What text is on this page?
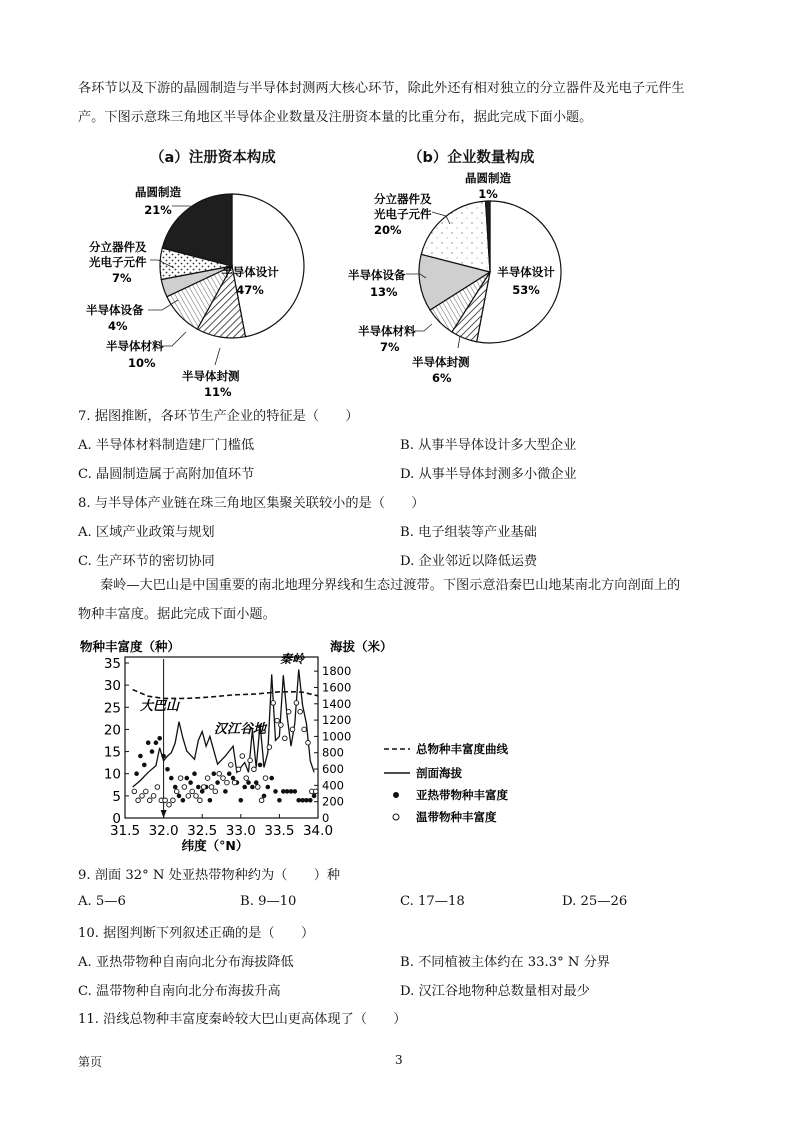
各环节以及下游的晶圆制造与半导体封测两大核心环节，除此外还有相对独立的分立器件及光电子元件生
产。下图示意珠三角地区半导体企业数量及注册资本量的比重分布，据此完成下面小题。
（a）注册资本构成	（b）企业数量构成
半导体设计
47%
晶圆制造
21%
分立器件及
光电子元件
7%
半导体设备
4%
半导体材料
10%
半导体封测
11%
半导体设计
53%
晶圆制造
1%
分立器件及
光电子元件
20%
半导体设备
13%
半导体材料
7%
半导体封测
6%
7. 据图推断，各环节生产企业的特征是（　　）
A. 半导体材料制造建厂门槛低	B. 从事半导体设计多大型企业
C. 晶圆制造属于高附加值环节	D. 从事半导体封测多小微企业
8. 与半导体产业链在珠三角地区集聚关联较小的是（　　）
A. 区域产业政策与规划	B. 电子组装等产业基础
C. 生产环节的密切协同	D. 企业邻近以降低运费
秦岭—大巴山是中国重要的南北地理分界线和生态过渡带。下图示意沿秦巴山地某南北方向剖面上的
物种丰富度。据此完成下面小题。
物种丰富度（种）	海拔（米）
纬度（°N）
0
5
10
15
20
25
30
35
0
200
400
600
800
1000
1200
1400
1600
1800
31.5 32.0 32.5 33.0 33.5 34.0
大巴山
汉江谷地
秦岭
总物种丰富度曲线
剖面海拔
亚热带物种丰富度
温带物种丰富度
9. 剖面 32° N 处亚热带物种约为（　　）种
A. 5—6	B. 9—10	C. 17—18	D. 25—26
10. 据图判断下列叙述正确的是（　　）
A. 亚热带物种自南向北分布海拔降低	B. 不同植被主体约在 33.3° N 分界
C. 温带物种自南向北分布海拔升高	D. 汉江谷地物种总数量相对最少
11. 沿线总物种丰富度秦岭较大巴山更高体现了（　　）
第页	3
